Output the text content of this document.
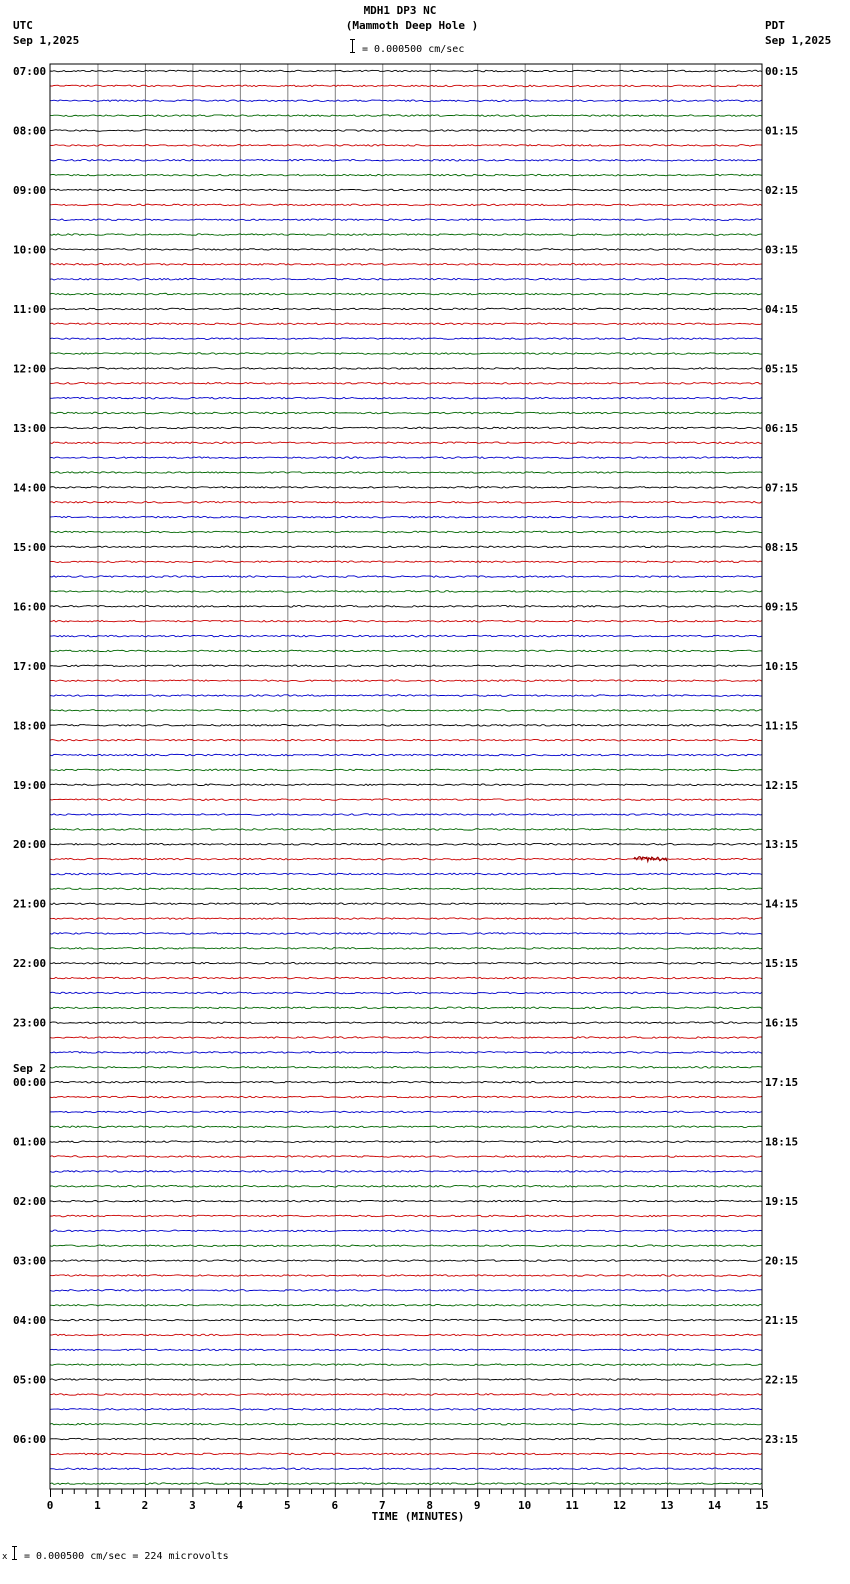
MDH1 DP3 NC
(Mammoth Deep Hole )
= 0.000500 cm/sec
UTC
Sep 1,2025
PDT
Sep 1,2025
07:00
08:00
09:00
10:00
11:00
12:00
13:00
14:00
15:00
16:00
17:00
18:00
19:00
20:00
21:00
22:00
23:00
00:00
Sep 2
01:00
02:00
03:00
04:00
05:00
06:00
00:15
01:15
02:15
03:15
04:15
05:15
06:15
07:15
08:15
09:15
10:15
11:15
12:15
13:15
14:15
15:15
16:15
17:15
18:15
19:15
20:15
21:15
22:15
23:15
0	1	2	3	4	5	6	7	8	9	10	11	12	13	14	15
TIME (MINUTES)
x = 0.000500 cm/sec = 224 microvolts
